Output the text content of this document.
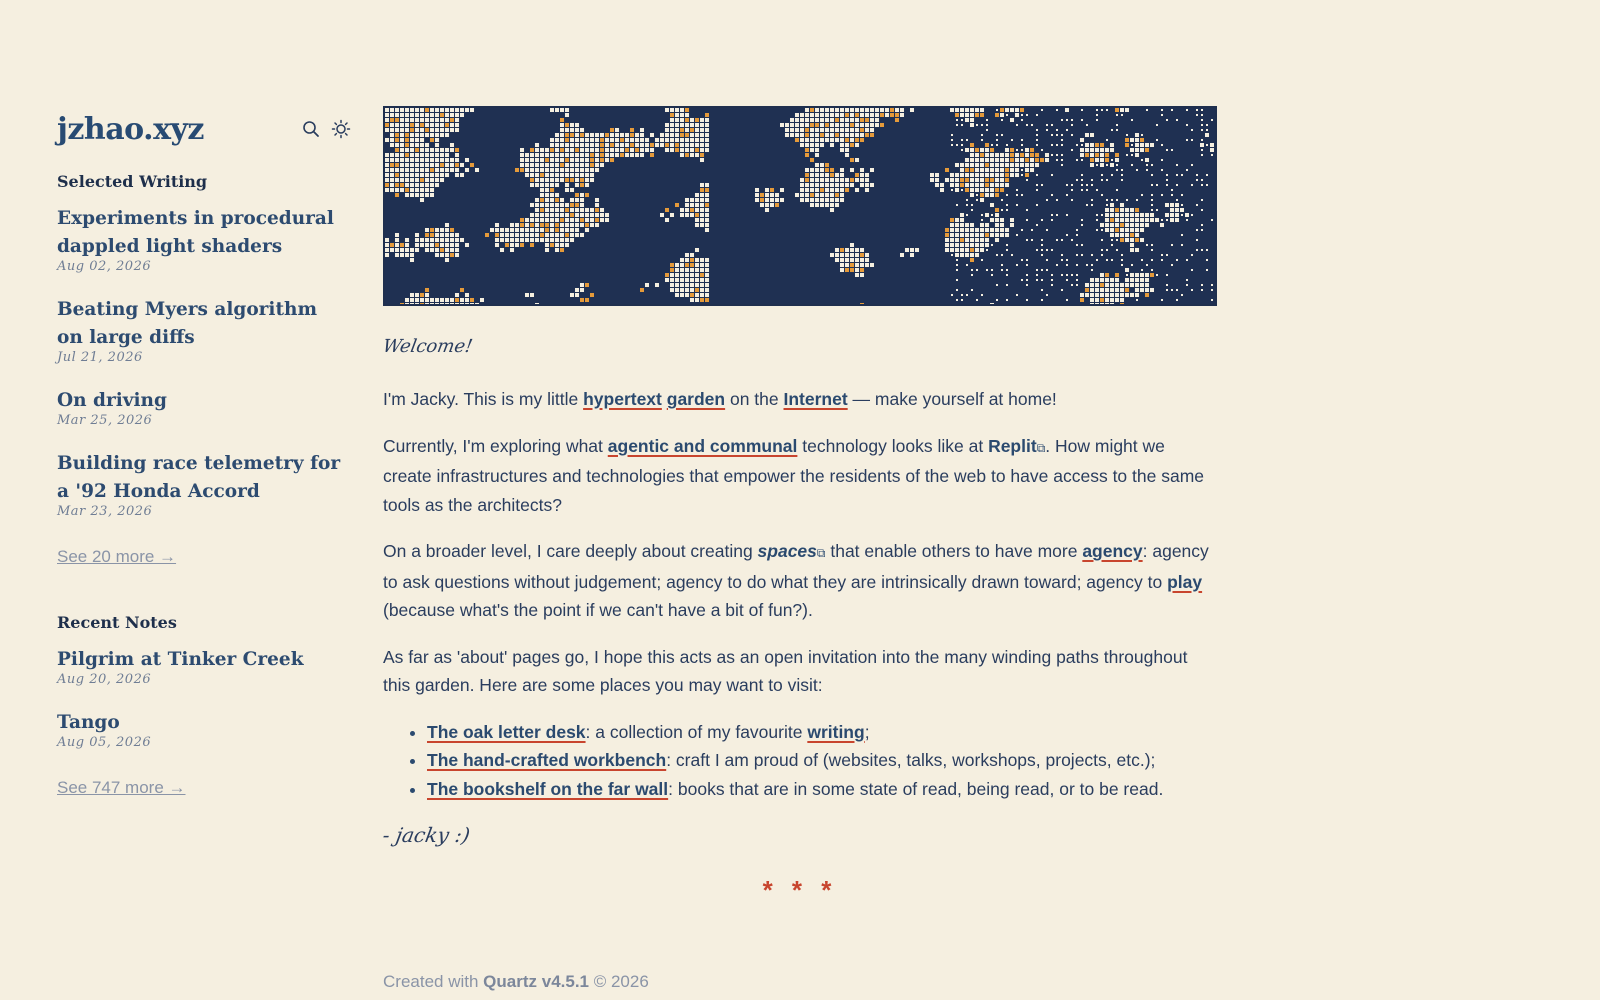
jzhao.xyz
Selected Writing
Experiments in procedural dappled light shaders
Aug 02, 2026
Beating Myers algorithm on large diffs
Jul 21, 2026
On driving
Mar 25, 2026
Building race telemetry for a '92 Honda Accord
Mar 23, 2026
See 20 more →
Recent Notes
Pilgrim at Tinker Creek
Aug 20, 2026
Tango
Aug 05, 2026
See 747 more →
Welcome!

I'm Jacky. This is my little hypertext garden on the Internet — make yourself at home!

Currently, I'm exploring what agentic and communal technology looks like at Replit⧉. How might we create infrastructures and technologies that empower the residents of the web to have access to the same tools as the architects?

On a broader level, I care deeply about creating spaces⧉ that enable others to have more agency: agency to ask questions without judgement; agency to do what they are intrinsically drawn toward; agency to play (because what's the point if we can't have a bit of fun?).

As far as 'about' pages go, I hope this acts as an open invitation into the many winding paths throughout this garden. Here are some places you may want to visit:

• The oak letter desk: a collection of my favourite writing;
• The hand-crafted workbench: craft I am proud of (websites, talks, workshops, projects, etc.);
• The bookshelf on the far wall: books that are in some state of read, being read, or to be read.
- jacky :)
* * *
Created with Quartz v4.5.1 © 2026
